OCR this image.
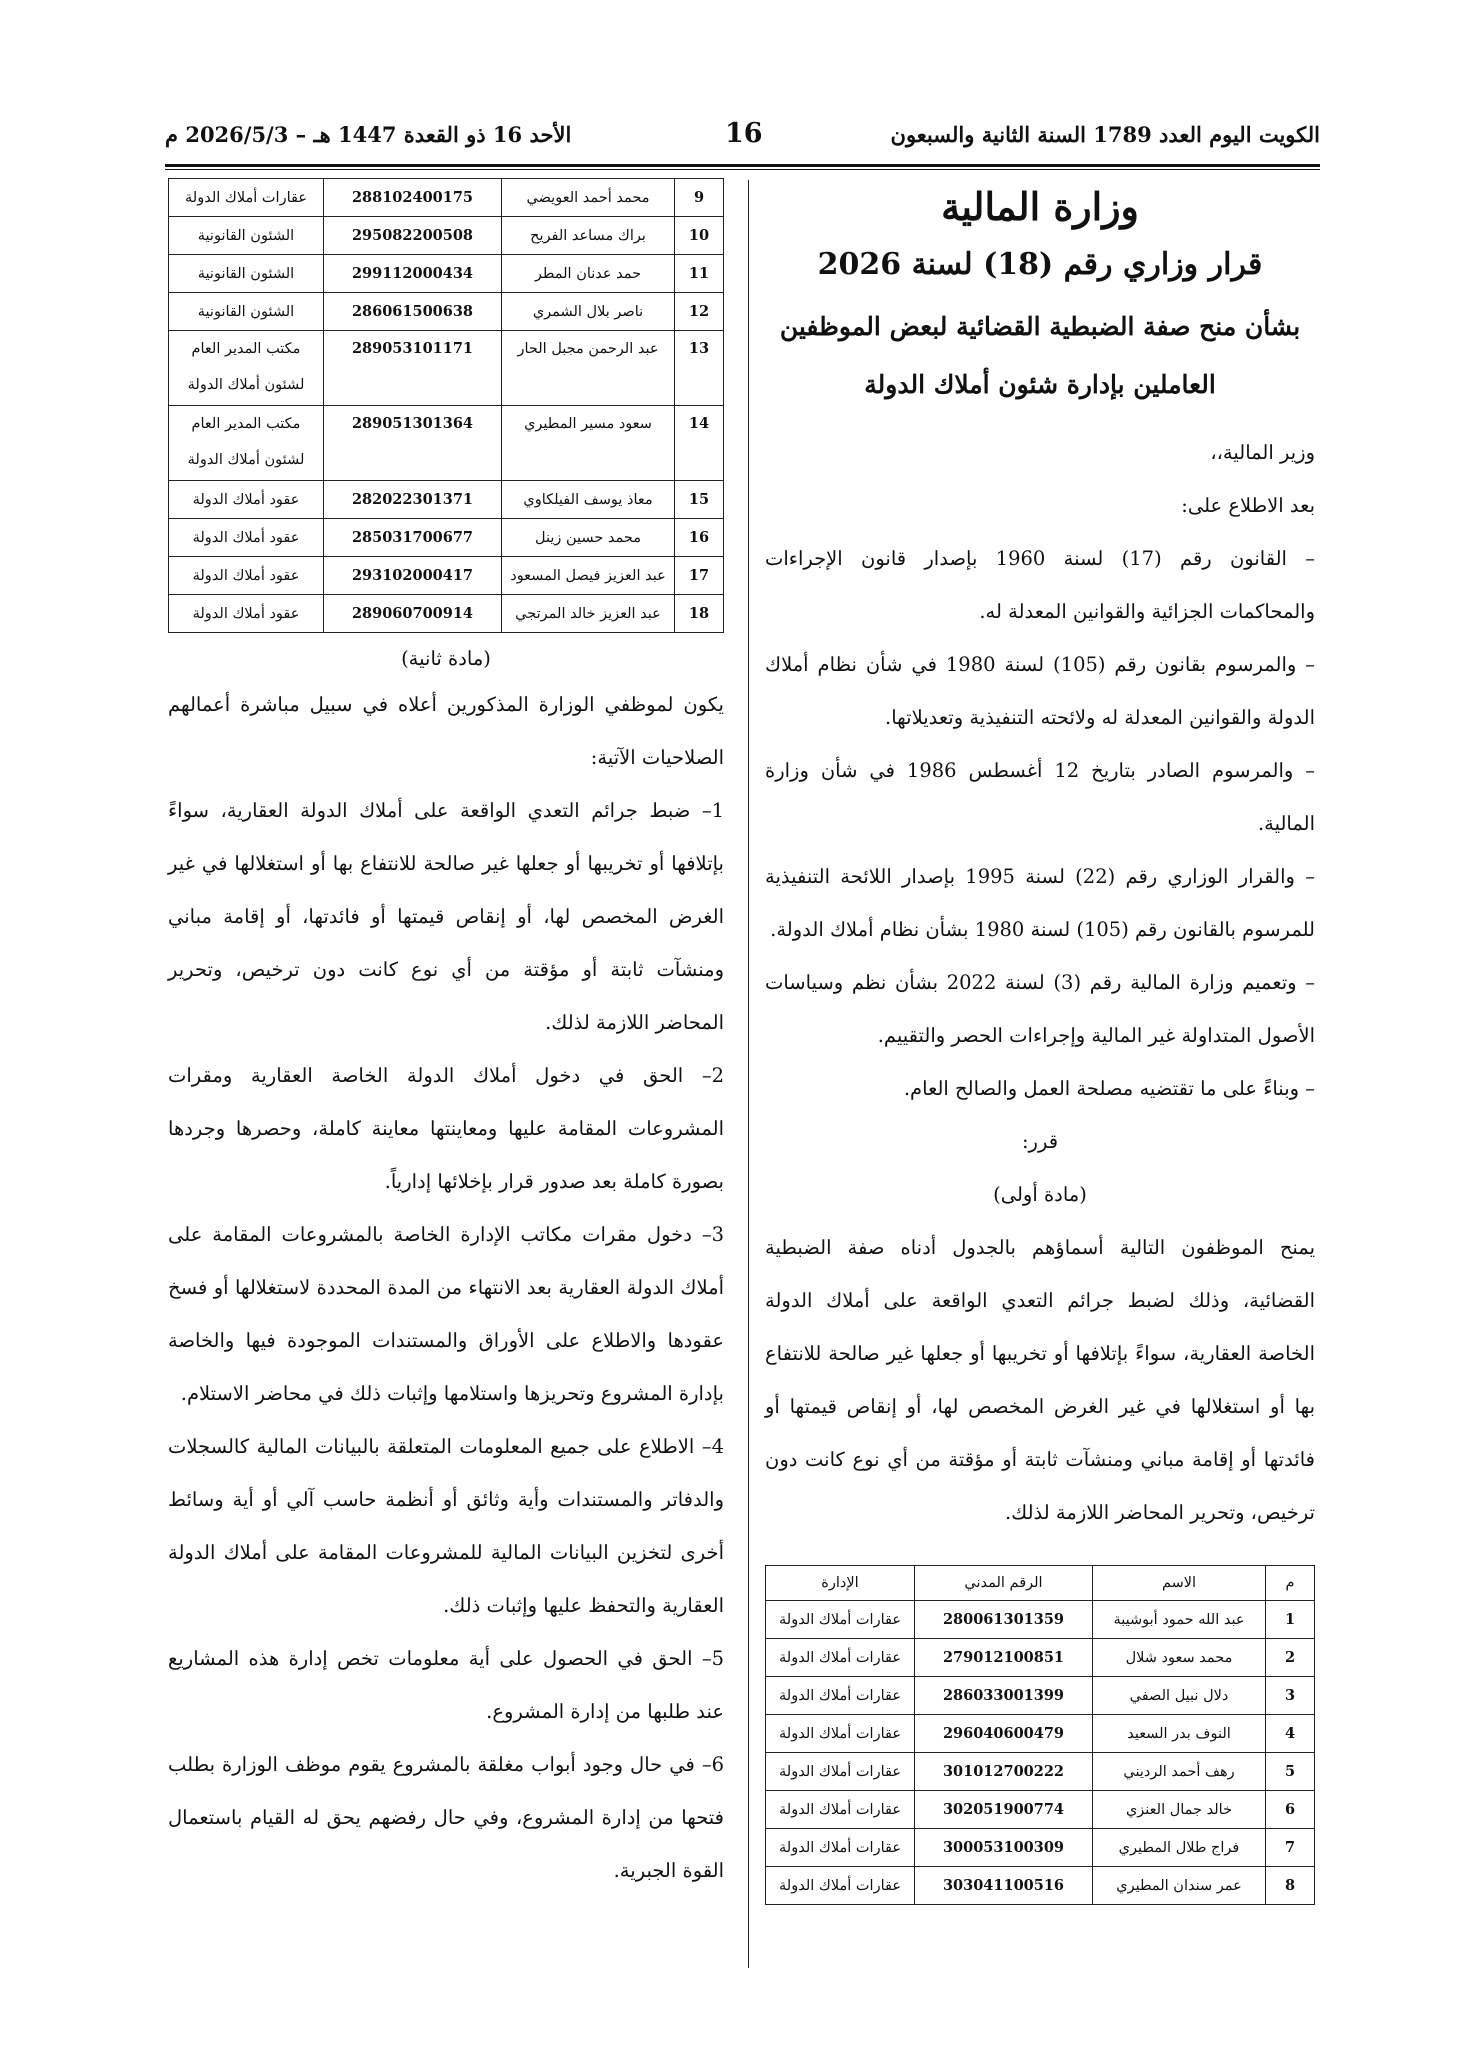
الكويت اليوم العدد 1789 السنة الثانية والسبعون
16
الأحد 16 ذو القعدة 1447 هـ – 2026/5/3 م
وزارة المالية
قرار وزاري رقم (18) لسنة 2026
بشأن منح صفة الضبطية القضائية لبعض الموظفين
العاملين بإدارة شئون أملاك الدولة

وزير المالية،،

بعد الاطلاع على:

– القانون رقم (17) لسنة 1960 بإصدار قانون الإجراءات والمحاكمات الجزائية والقوانين المعدلة له.

– والمرسوم بقانون رقم (105) لسنة 1980 في شأن نظام أملاك الدولة والقوانين المعدلة له ولائحته التنفيذية وتعديلاتها.

– والمرسوم الصادر بتاريخ 12 أغسطس 1986 في شأن وزارة المالية.

– والقرار الوزاري رقم (22) لسنة 1995 بإصدار اللائحة التنفيذية للمرسوم بالقانون رقم (105) لسنة 1980 بشأن نظام أملاك الدولة.

– وتعميم وزارة المالية رقم (3) لسنة 2022 بشأن نظم وسياسات الأصول المتداولة غير المالية وإجراءات الحصر والتقييم.

– وبناءً على ما تقتضيه مصلحة العمل والصالح العام.

قرر:

(مادة أولى)

يمنح الموظفون التالية أسماؤهم بالجدول أدناه صفة الضبطية القضائية، وذلك لضبط جرائم التعدي الواقعة على أملاك الدولة الخاصة العقارية، سواءً بإتلافها أو تخريبها أو جعلها غير صالحة للانتفاع بها أو استغلالها في غير الغرض المخصص لها، أو إنقاص قيمتها أو فائدتها أو إقامة مباني ومنشآت ثابتة أو مؤقتة من أي نوع كانت دون ترخيص، وتحرير المحاضر اللازمة لذلك.

م	الاسم	الرقم المدني	الإدارة
1	عبد الله حمود أبوشيبة	280061301359	عقارات أملاك الدولة
2	محمد سعود شلال	279012100851	عقارات أملاك الدولة
3	دلال نبيل الصفي	286033001399	عقارات أملاك الدولة
4	النوف بدر السعيد	296040600479	عقارات أملاك الدولة
5	رهف أحمد الرديني	301012700222	عقارات أملاك الدولة
6	خالد جمال العنزي	302051900774	عقارات أملاك الدولة
7	فراج طلال المطيري	300053100309	عقارات أملاك الدولة
8	عمر سندان المطيري	303041100516	عقارات أملاك الدولة
9	محمد أحمد العويضي	288102400175	عقارات أملاك الدولة
10	براك مساعد الفريح	295082200508	الشئون القانونية
11	حمد عدنان المطر	299112000434	الشئون القانونية
12	ناصر بلال الشمري	286061500638	الشئون القانونية
13	عبد الرحمن مجبل الحار	289053101171	مكتب المدير العام لشئون أملاك الدولة
14	سعود مسير المطيري	289051301364	مكتب المدير العام لشئون أملاك الدولة
15	معاذ يوسف الفيلكاوي	282022301371	عقود أملاك الدولة
16	محمد حسين زينل	285031700677	عقود أملاك الدولة
17	عبد العزيز فيصل المسعود	293102000417	عقود أملاك الدولة
18	عبد العزيز خالد المرتجي	289060700914	عقود أملاك الدولة

(مادة ثانية)

يكون لموظفي الوزارة المذكورين أعلاه في سبيل مباشرة أعمالهم الصلاحيات الآتية:

1– ضبط جرائم التعدي الواقعة على أملاك الدولة العقارية، سواءً بإتلافها أو تخريبها أو جعلها غير صالحة للانتفاع بها أو استغلالها في غير الغرض المخصص لها، أو إنقاص قيمتها أو فائدتها، أو إقامة مباني ومنشآت ثابتة أو مؤقتة من أي نوع كانت دون ترخيص، وتحرير المحاضر اللازمة لذلك.

2– الحق في دخول أملاك الدولة الخاصة العقارية ومقرات المشروعات المقامة عليها ومعاينتها معاينة كاملة، وحصرها وجردها بصورة كاملة بعد صدور قرار بإخلائها إدارياً.

3– دخول مقرات مكاتب الإدارة الخاصة بالمشروعات المقامة على أملاك الدولة العقارية بعد الانتهاء من المدة المحددة لاستغلالها أو فسخ عقودها والاطلاع على الأوراق والمستندات الموجودة فيها والخاصة بإدارة المشروع وتحريزها واستلامها وإثبات ذلك في محاضر الاستلام.

4– الاطلاع على جميع المعلومات المتعلقة بالبيانات المالية كالسجلات والدفاتر والمستندات وأية وثائق أو أنظمة حاسب آلي أو أية وسائط أخرى لتخزين البيانات المالية للمشروعات المقامة على أملاك الدولة العقارية والتحفظ عليها وإثبات ذلك.

5– الحق في الحصول على أية معلومات تخص إدارة هذه المشاريع عند طلبها من إدارة المشروع.

6– في حال وجود أبواب مغلقة بالمشروع يقوم موظف الوزارة بطلب فتحها من إدارة المشروع، وفي حال رفضهم يحق له القيام باستعمال القوة الجبرية.
